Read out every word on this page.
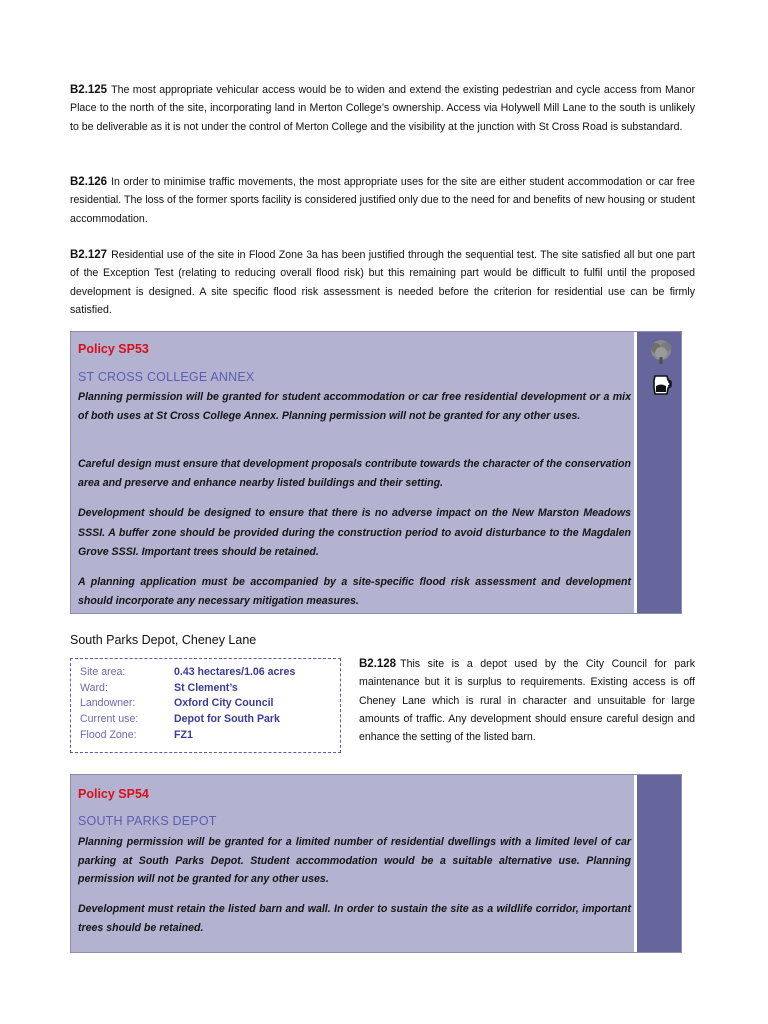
B2.125 The most appropriate vehicular access would be to widen and extend the existing pedestrian and cycle access from Manor Place to the north of the site, incorporating land in Merton College’s ownership. Access via Holywell Mill Lane to the south is unlikely to be deliverable as it is not under the control of Merton College and the visibility at the junction with St Cross Road is substandard.
B2.126 In order to minimise traffic movements, the most appropriate uses for the site are either student accommodation or car free residential. The loss of the former sports facility is considered justified only due to the need for and benefits of new housing or student accommodation.
B2.127 Residential use of the site in Flood Zone 3a has been justified through the sequential test. The site satisfied all but one part of the Exception Test (relating to reducing overall flood risk) but this remaining part would be difficult to fulfil until the proposed development is designed. A site specific flood risk assessment is needed before the criterion for residential use can be firmly satisfied.
Policy SP53
ST CROSS COLLEGE ANNEX
Planning permission will be granted for student accommodation or car free residential development or a mix of both uses at St Cross College Annex. Planning permission will not be granted for any other uses.
Careful design must ensure that development proposals contribute towards the character of the conservation area and preserve and enhance nearby listed buildings and their setting.
Development should be designed to ensure that there is no adverse impact on the New Marston Meadows SSSI. A buffer zone should be provided during the construction period to avoid disturbance to the Magdalen Grove SSSI. Important trees should be retained.
A planning application must be accompanied by a site-specific flood risk assessment and development should incorporate any necessary mitigation measures.
South Parks Depot, Cheney Lane
Site area:	0.43 hectares/1.06 acres
Ward:	St Clement’s
Landowner:	Oxford City Council
Current use:	Depot for South Park
Flood Zone:	FZ1
B2.128 This site is a depot used by the City Council for park maintenance but it is surplus to requirements. Existing access is off Cheney Lane which is rural in character and unsuitable for large amounts of traffic. Any development should ensure careful design and enhance the setting of the listed barn.
Policy SP54
SOUTH PARKS DEPOT
Planning permission will be granted for a limited number of residential dwellings with a limited level of car parking at South Parks Depot. Student accommodation would be a suitable alternative use. Planning permission will not be granted for any other uses.
Development must retain the listed barn and wall. In order to sustain the site as a wildlife corridor, important trees should be retained.
